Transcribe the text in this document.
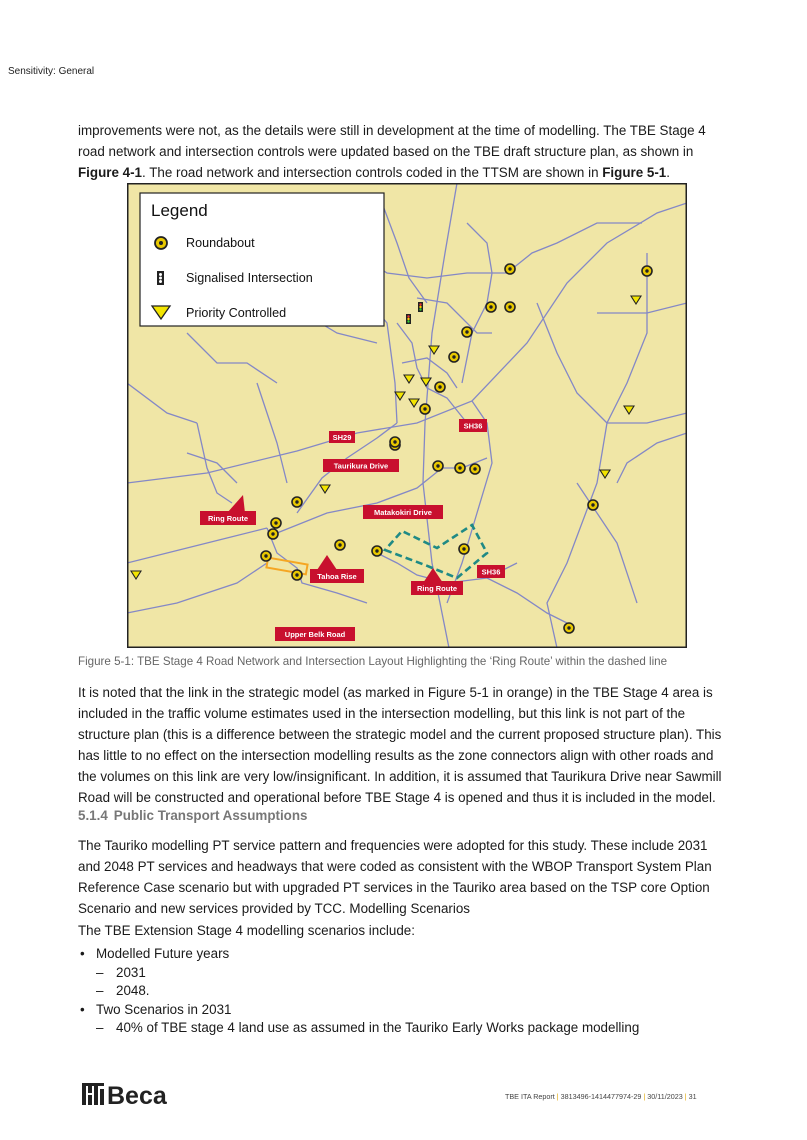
Sensitivity: General

improvements were not, as the details were still in development at the time of modelling. The TBE Stage 4
road network and intersection controls were updated based on the TBE draft structure plan, as shown in
Figure 4-1. The road network and intersection controls coded in the TTSM are shown in Figure 5-1.

SH29
SH36
Taurikura Drive
Ring Route
Matakokiri Drive
Tahoa Rise	SH36
Ring Route
Upper Belk Road
Legend
Roundabout
Signalised Intersection
Priority Controlled

Figure 5-1: TBE Stage 4 Road Network and Intersection Layout Highlighting the ‘Ring Route’ within the dashed line

It is noted that the link in the strategic model (as marked in Figure 5-1 in orange) in the TBE Stage 4 area is included in the traffic volume estimates used in the intersection modelling, but this link is not part of the structure plan (this is a difference between the strategic model and the current proposed structure plan). This has little to no effect on the intersection modelling results as the zone connectors align with other roads and the volumes on this link are very low/insignificant. In addition, it is assumed that Taurikura Drive near Sawmill Road will be constructed and operational before TBE Stage 4 is opened and thus it is included in the model.

5.1.4 Public Transport Assumptions

The Tauriko modelling PT service pattern and frequencies were adopted for this study. These include 2031 and 2048 PT services and headways that were coded as consistent with the WBOP Transport System Plan Reference Case scenario but with upgraded PT services in the Tauriko area based on the TSP core Option Scenario and new services provided by TCC. Modelling Scenarios

The TBE Extension Stage 4 modelling scenarios include:

• Modelled Future years
– 2031
– 2048.
• Two Scenarios in 2031
– 40% of TBE stage 4 land use as assumed in the Tauriko Early Works package modelling
Beca	TBE ITA Report | 3813496-1414477974-29 | 30/11/2023 | 31
